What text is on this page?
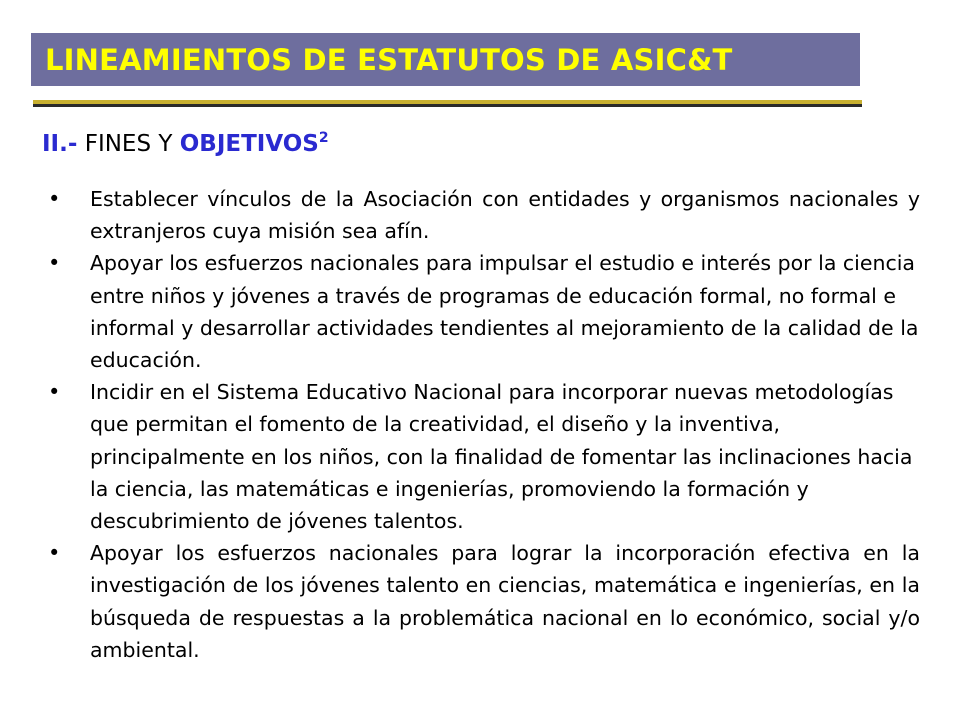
LINEAMIENTOS DE ESTATUTOS DE ASIC&T
II.- FINES Y OBJETIVOS$^2$
•	Establecer vínculos de la Asociación con entidades y organismos nacionales y extranjeros cuya misión sea afín.
•	Apoyar los esfuerzos nacionales para impulsar el estudio e interés por la ciencia entre niños y jóvenes a través de programas de educación formal, no formal e informal y desarrollar actividades tendientes al mejoramiento de la calidad de la educación.
•	Incidir en el Sistema Educativo Nacional para incorporar nuevas metodologías que permitan el fomento de la creatividad, el diseño y la inventiva, principalmente en los niños, con la finalidad de fomentar las inclinaciones hacia la ciencia, las matemáticas e ingenierías, promoviendo la formación y descubrimiento de jóvenes talentos.
•	Apoyar los esfuerzos nacionales para lograr la incorporación efectiva en la investigación de los jóvenes talento en ciencias, matemática e ingenierías, en la búsqueda de respuestas a la problemática nacional en lo económico, social y/o ambiental.
